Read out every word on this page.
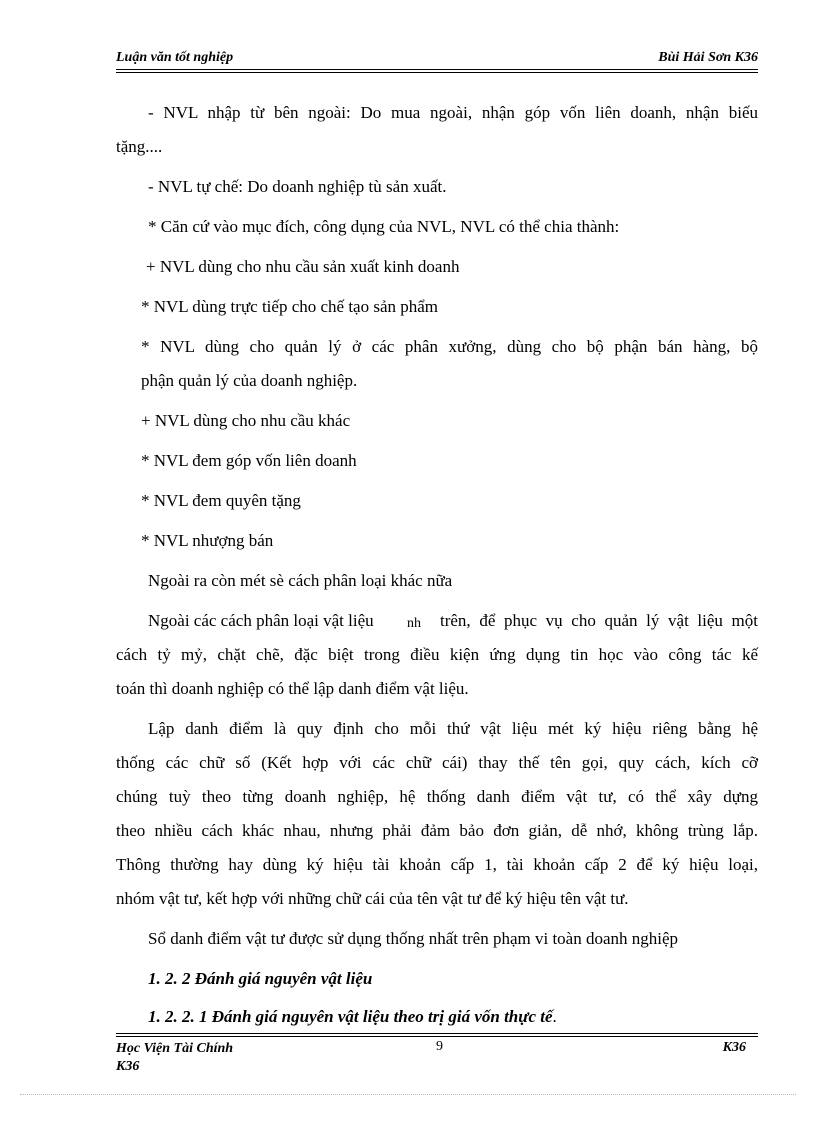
Luận văn tốt nghiệp	Bùi Hải Sơn K36
- NVL nhập từ bên ngoài: Do mua ngoài, nhận góp vốn liên doanh, nhận biếu
tặng....
- NVL tự chế: Do doanh nghiệp tù sản xuất.
* Căn cứ vào mục đích, công dụng của NVL, NVL có thể chia thành:
+ NVL dùng cho nhu cầu sản xuất kinh doanh
* NVL dùng trực tiếp cho chế tạo sản phẩm
* NVL dùng cho quản lý ở các phân xưởng, dùng cho bộ phận bán hàng, bộ
phận quản lý của doanh nghiệp.
+ NVL dùng cho nhu cầu khác
* NVL đem góp vốn liên doanh
* NVL đem quyên tặng
* NVL nhượng bán
Ngoài ra còn mét sè cách phân loại khác nữa
Ngoài các cách phân loại vật liệu nh trên, để phục vụ cho quản lý vật liệu một
cách tỷ mỷ, chặt chẽ, đặc biệt trong điều kiện ứng dụng tin học vào công tác kế
toán thì doanh nghiệp có thể lập danh điểm vật liệu.
Lập danh điểm là quy định cho mỗi thứ vật liệu mét ký hiệu riêng bằng hệ
thống các chữ số (Kết hợp với các chữ cái) thay thế tên gọi, quy cách, kích cỡ
chúng tuỳ theo từng doanh nghiệp, hệ thống danh điểm vật tư, có thể xây dựng
theo nhiều cách khác nhau, nhưng phải đảm bảo đơn giản, dễ nhớ, không trùng lắp.
Thông thường hay dùng ký hiệu tài khoản cấp 1, tài khoản cấp 2 để ký hiệu loại,
nhóm vật tư, kết hợp với những chữ cái của tên vật tư để ký hiệu tên vật tư.
Sổ danh điểm vật tư được sử dụng thống nhất trên phạm vi toàn doanh nghiệp
1. 2. 2 Đánh giá nguyên vật liệu
1. 2. 2. 1 Đánh giá nguyên vật liệu theo trị giá vốn thực tế.
Học Viện Tài Chính
K36
9	K36
